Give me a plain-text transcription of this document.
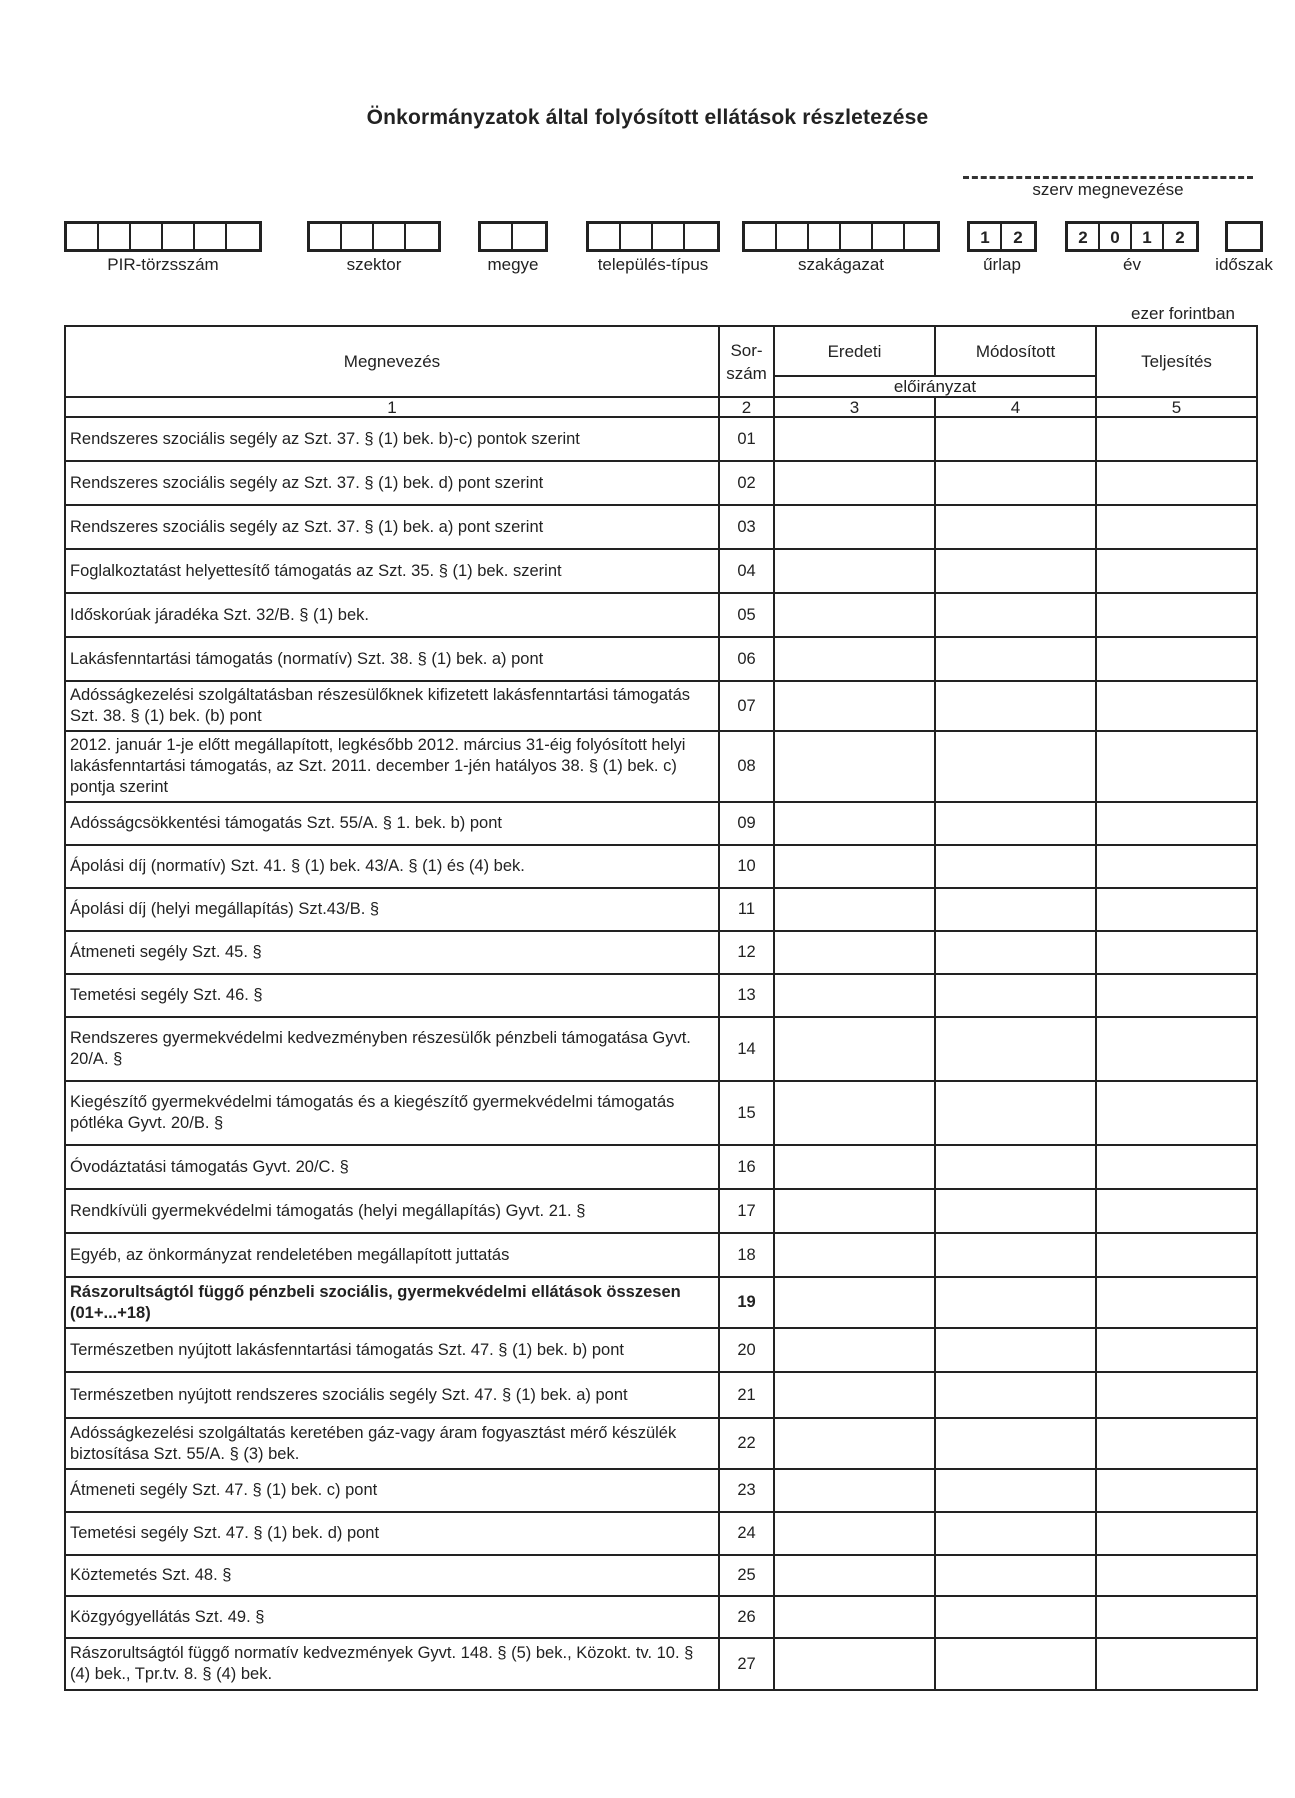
Önkormányzatok által folyósított ellátások részletezése
szerv megnevezése
PIR-törzsszám	szektor	megye	település-típus	szakágazat
1	2
űrlap
2	0	1	2
év	időszak
ezer forintban
Megnevezés	Sor-
szám	Eredeti	Módosított	Teljesítés
		előirányzat		
1	2	3	4	5
Rendszeres szociális segély az Szt. 37. § (1) bek. b)-c) pontok szerint	01			
Rendszeres szociális segély az Szt. 37. § (1) bek. d) pont szerint	02			
Rendszeres szociális segély az Szt. 37. § (1) bek. a) pont szerint	03			
Foglalkoztatást helyettesítő támogatás az Szt. 35. § (1) bek. szerint	04			
Időskorúak járadéka Szt. 32/B. § (1) bek.	05			
Lakásfenntartási támogatás (normatív) Szt. 38. § (1) bek. a) pont	06			
Adósságkezelési szolgáltatásban részesülőknek kifizetett lakásfenntartási támogatás Szt. 38. § (1) bek. (b) pont	07			
2012. január 1-je előtt megállapított, legkésőbb 2012. március 31-éig folyósított helyi lakásfenntartási támogatás, az Szt. 2011. december 1-jén hatályos 38. § (1) bek. c) pontja szerint	08			
Adósságcsökkentési támogatás Szt. 55/A. § 1. bek. b) pont	09			
Ápolási díj (normatív) Szt. 41. § (1) bek. 43/A. § (1) és (4) bek.	10			
Ápolási díj (helyi megállapítás) Szt.43/B. §	11			
Átmeneti segély Szt. 45. §	12			
Temetési segély Szt. 46. §	13			
Rendszeres gyermekvédelmi kedvezményben részesülők pénzbeli támogatása Gyvt. 20/A. §	14			
Kiegészítő gyermekvédelmi támogatás és a kiegészítő gyermekvédelmi támogatás pótléka Gyvt. 20/B. §	15			
Óvodáztatási támogatás Gyvt. 20/C. §	16			
Rendkívüli gyermekvédelmi támogatás (helyi megállapítás) Gyvt. 21. §	17			
Egyéb, az önkormányzat rendeletében megállapított juttatás	18			
Rászorultságtól függő pénzbeli szociális, gyermekvédelmi ellátások összesen (01+...+18)	19			
Természetben nyújtott lakásfenntartási támogatás Szt. 47. § (1) bek. b) pont	20			
Természetben nyújtott rendszeres szociális segély Szt. 47. § (1) bek. a) pont	21			
Adósságkezelési szolgáltatás keretében gáz-vagy áram fogyasztást mérő készülék biztosítása Szt. 55/A. § (3) bek.	22			
Átmeneti segély Szt. 47. § (1) bek. c) pont	23			
Temetési segély Szt. 47. § (1) bek. d) pont	24			
Köztemetés Szt. 48. §	25			
Közgyógyellátás Szt. 49. §	26			
Rászorultságtól függő normatív kedvezmények Gyvt. 148. § (5) bek., Közokt. tv. 10. § (4) bek., Tpr.tv. 8. § (4) bek.	27			
